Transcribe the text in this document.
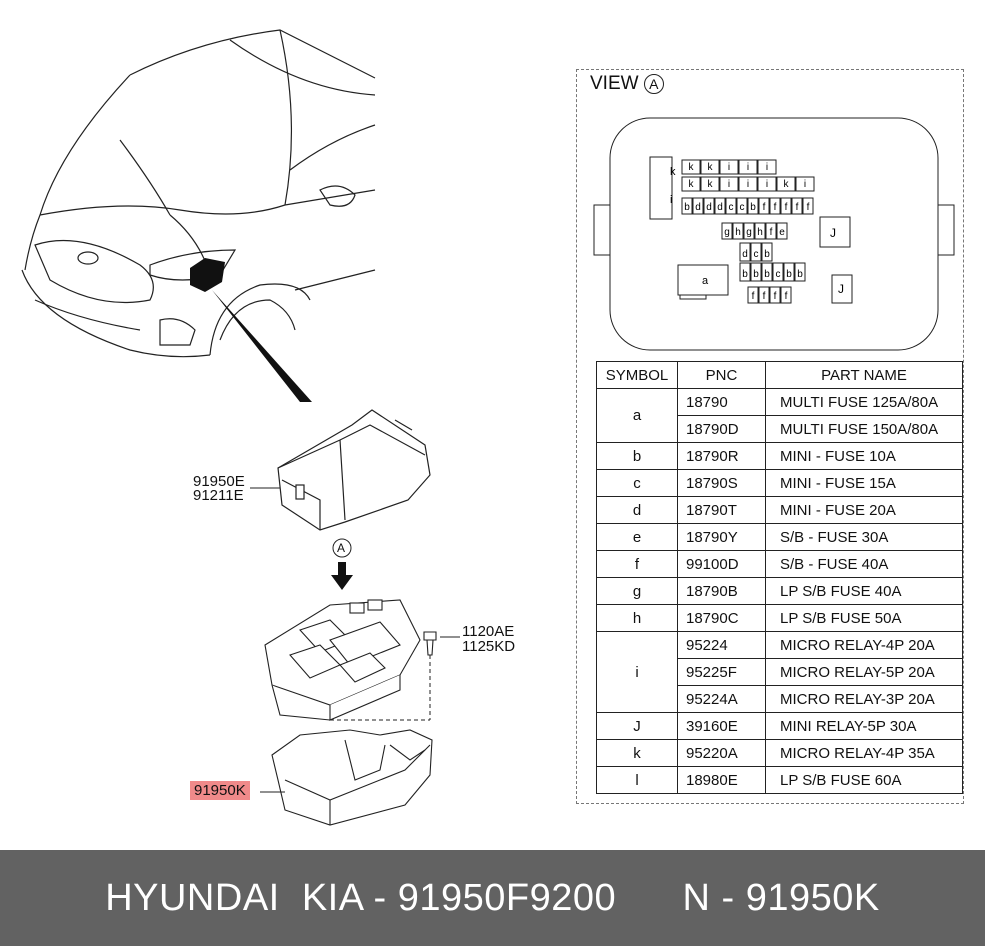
91950E
91211E
A
1120AE
1125KD
91950K
VIEW A
k k i i i
k k i i i k i
b d d d c c b f f f f f
g h g h f e
d c b
b b b c b b
f f f f
k
i
a
J
J
SYMBOL	PNC	PART NAME
a	18790	MULTI FUSE 125A/80A
	18790D	MULTI FUSE 150A/80A
b	18790R	MINI - FUSE 10A
c	18790S	MINI - FUSE 15A
d	18790T	MINI - FUSE 20A
e	18790Y	S/B - FUSE 30A
f	99100D	S/B - FUSE 40A
g	18790B	LP S/B FUSE 40A
h	18790C	LP S/B FUSE 50A
i	95224	MICRO RELAY-4P 20A
	95225F	MICRO RELAY-5P 20A
	95224A	MICRO RELAY-3P 20A
J	39160E	MINI RELAY-5P 30A
k	95220A	MICRO RELAY-4P 35A
l	18980E	LP S/B FUSE 60A
HYUNDAI  KIA - 91950F9200 N - 91950K
